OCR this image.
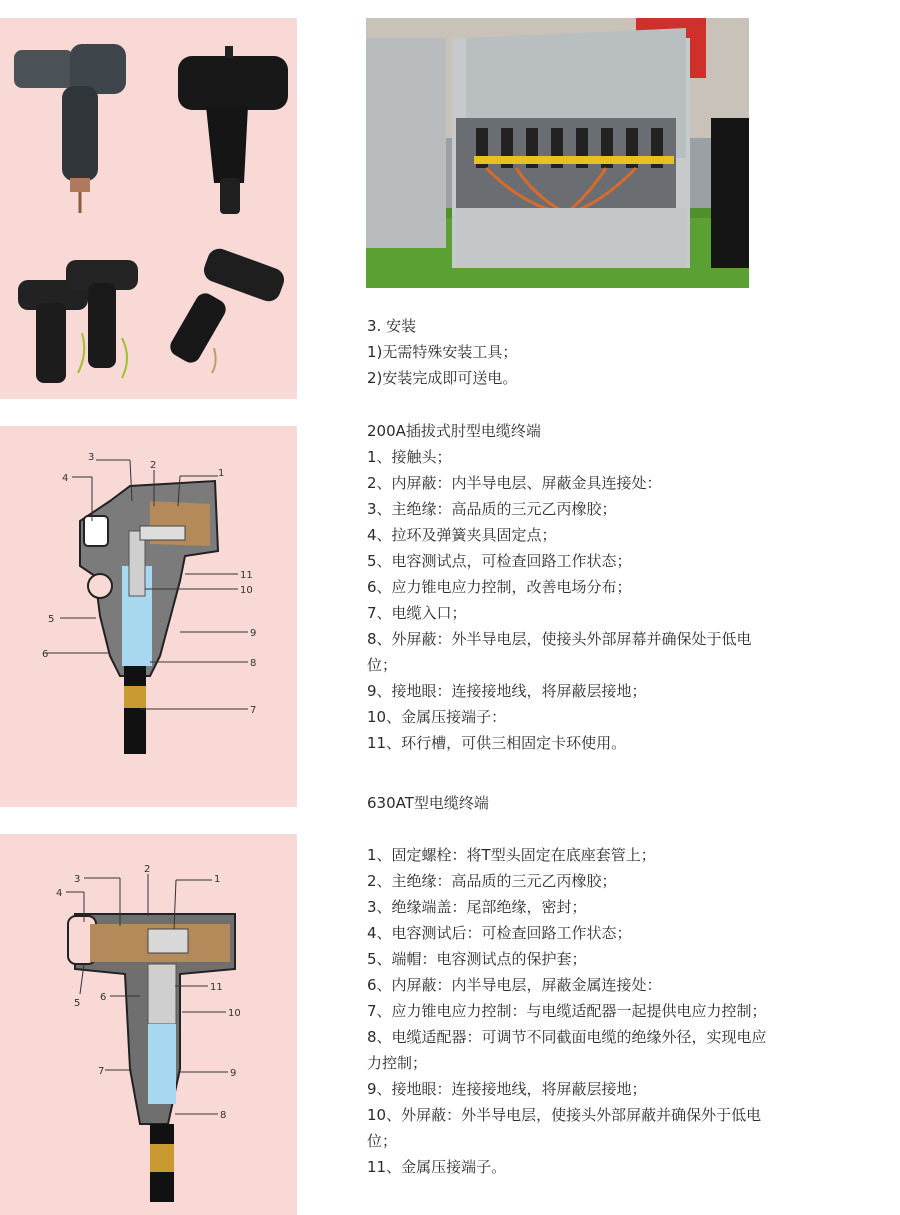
1
2
3
4
5
6
7
8
9
10
11
1
2
3
4
5
6
7
8
9
10
11
3. 安装
1)无需特殊安装工具；
2)安装完成即可送电。
200A插拔式肘型电缆终端
1、接触头；
2、内屏蔽：内半导电层、屏蔽金具连接处：
3、主绝缘：高品质的三元乙丙橡胶；
4、拉环及弹簧夹具固定点；
5、电容测试点，可检查回路工作状态；
6、应力锥电应力控制，改善电场分布；
7、电缆入口；
8、外屏蔽：外半导电层，使接头外部屏幕并确保处于低电
位；
9、接地眼：连接接地线，将屏蔽层接地；
10、金属压接端子：
11、环行槽，可供三相固定卡环使用。
630AT型电缆终端
1、固定螺栓：将T型头固定在底座套管上；
2、主绝缘：高品质的三元乙丙橡胶；
3、绝缘端盖：尾部绝缘，密封；
4、电容测试后：可检查回路工作状态；
5、端帽：电容测试点的保护套；
6、内屏蔽：内半导电层，屏蔽金属连接处：
7、应力锥电应力控制：与电缆适配器一起提供电应力控制；
8、电缆适配器：可调节不同截面电缆的绝缘外径，实现电应
力控制；
9、接地眼：连接接地线，将屏蔽层接地；
10、外屏蔽：外半导电层，使接头外部屏蔽并确保外于低电
位；
11、金属压接端子。
